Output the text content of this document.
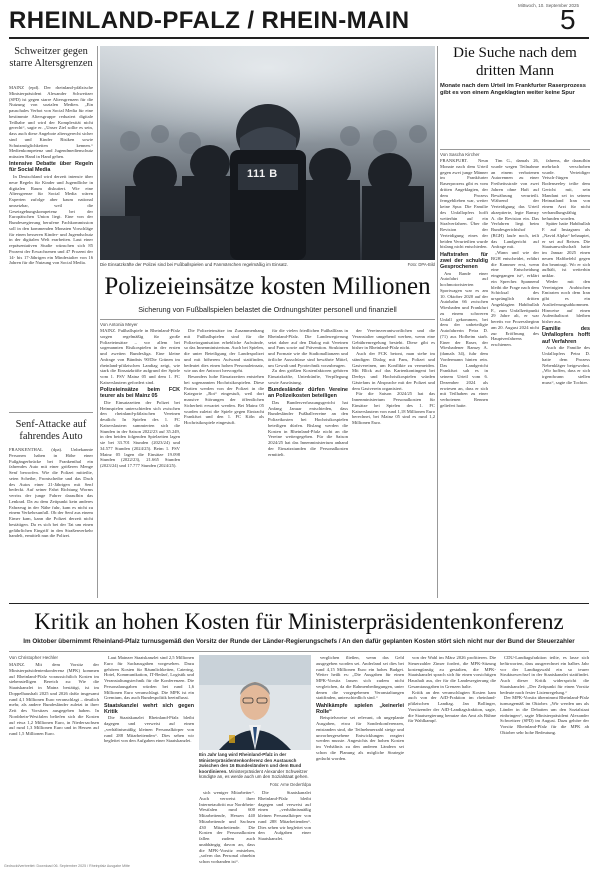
Mittwoch, 10. September 2025
RHEINLAND-PFALZ / RHEIN-MAIN	5
Schweitzer gegen starre Altersgrenzen

MAINZ (epd). Der rheinland-pfälzische Ministerpräsident Alexander Schweitzer (SPD) ist gegen starre Altersgrenzen für die Nutzung von sozialen Medien. „Ein pauschales Verbot von Social Media für eine bestimmte Altersgruppe reduziert digitale Teilhabe und wird der Komplexität nicht gerecht“, sagte er. „Unser Ziel sollte es sein, dass auch diese Angebote altersgerecht sicher sind und Kinder Risiken sowie Schutzmöglichkeiten kennen.“ Medienkompetenz und Jugendmedienschutz müssten Hand in Hand gehen.

Intensive Debatte über Regeln für Social Media

In Deutschland wird derzeit intensiv über neue Regeln für Kinder und Jugendliche in digitalen Raum diskutiert. Wie eine Altersgrenze für Social Media wären Experten zufolge aber kaum national umsetzbar, weil die Gesetzgebungskompetenz bei der Europäischen Union liegt. Eine von der Bundesregierung berufene Fachkommission soll in den kommenden Monaten Vorschläge für einen besseren Kinder- und Jugendschutz in der digitalen Welt erarbeiten. Laut einer repräsentativen Studie wünschen sich 85 Prozent der Erwachsenen und 47 Prozent der 14- bis 17-Jährigen ein Mindestalter von 16 Jahren für die Nutzung von Social Media.

Senf-Attacke auf fahrendes Auto

FRANKENTHAL (dpa). Unbekannte Personen haben in Höhe einer Fußgängerbrücke bei Frankenthal ein fahrendes Auto mit einer größeren Menge Senf beworfen. Wie die Polizei mitteilte, seien Scheibe, Frontscheibe und das Dach des Autos einer 21-Jährigen mit Senf bedeckt. Auf seiner Fahrt Richtung Worms verriss der junge Fahrer daraufhin das Lenkrad. Da zu dem Zeitpunkt kein anderes Fahrzeug in der Nähe fuhr, kam es nicht zu einem Verkehrsunfall. Ob der Senf aus einem Eimer kam, kann die Polizei derzeit nicht bestätigen. Da es sich bei der Tat um einen gefährlichen Eingriff in den Straßenverkehr handelt, ermittelt nun die Polizei.

111 B
Die Einsatzkräfte der Polizei sind bei Fußballspielen und Fanmärschen regelmäßig im Einsatz.	Foto: DPA-Bild
Die Suche nach dem dritten Mann
Monate nach dem Urteil im Frankfurter Raserprozess gibt es von einem Angeklagten weiter keine Spur
Von Sascha Kircher

FRANKFURT. Neun Monate nach dem Urteil gegen zwei junge Männer im Frankfurter Raserprozess gibt es vom dritten Angeklagten, der dem Prozess ferngeblieben war, weiter keine Spur. Die Familie des Unfallopfers hofft weiterhin auf ein Strafverfahren. Über die Revision der Verteidigung eines der beiden Verurteilten wurde bislang nicht entschieden.

Haftstrafen für zwei der schuldig Gesprochenen

Am Rande einer Autofahrt auf hochmotorisierten Sportwagen war es am 10. Oktober 2020 auf der Autobahn 66 zwischen Wiesbaden und Frankfurt zu einem schweren Unfall gekommen, bei dem der unbeteiligte Autofahrerin Petra D. (71) aus Hofheim starb. Einer der Raser, der Wiesbadener Ramzy A. (damals 34), fuhr dem Vordermann hinten rein. Das Landgericht Frankfurt sah es in seinem Urteil vom 6. Dezember 2024 als erwiesen an, dass er sich mit Teilhaben zu einer verbotenen Rennen geliefert hatte.

Tim G., damals 26, wurde wegen Teilnahme an einem verbotenen Autorennen zu einer Freiheitsstrafe von zwei Jahren ohne Haft auf Bewährung verurteilt. Während der Verteidigung das Urteil akzeptierte, legte Ramzy A. die Revision ein. Das Verfahren liegt beim Bundesgerichtshof (BGH) laufe noch, teilt das Landgericht auf Anfrage mit.

„Wann und wie der BGH entscheidet, erfährt die Kammer erst, wenn eine Entscheidung eingegangen ist“, erklärt ein Sprecher. Spannend bleibt die Frage nach dem Schicksal des ursprünglich dritten Angeklagten Habibullah F., zum Unfallzeitpunkt 29 Jahre alt, er war bereits vor Prozessbeginn am 20. August 2024 nicht zur Eröffnung des Hauptverfahrens erschienen.

fahrens, die daraufhin mehrfach verschoben wurde. Verteidiger Vetsch-Jürgen Bodenseeley teilte dem Gericht mit, sein Mandant sei in seinem Heimatland Iran von einem Arzt für nicht verhandlungsfähig befunden worden.

Später hatte Habibullah F. auf Instagram als „Navid Alpha“ behauptet, er sei auf Reisen. Die Staatsanwaltschaft hatte im Januar 2025 einen neuen Haftbefehl gegen ihn beantragt. Wo er sich aufhält, ist weiterhin unklar.

Weder mit den Vereinigten Arabischen Emiraten noch dem Iran gibt es ein Auslieferungsabkommen. Hinweise auf einen Aufenthaltsort bleiben bisher aus.

Familie des Unfallopfers hofft auf Verfahren

Auch die Familie des Unfallopfers Petra D. hatte dem Prozess Nebenkläger beigewohnt. „Wir hoffen, dass er sich irgendwann stellen muss“, sagte die Tochter.

Polizeieinsätze kosten Millionen
Sicherung von Fußballspielen belastet die Ordnungshüter personell und finanziell
Von Antonia Meyer

MAINZ. Fußballspiele in Rheinland-Pfalz sorgen regelmäßig für große Polizeieinsätze – vor allem bei sogenannten Risikospielen in der ersten und zweiten Bundesliga. Eine kleine Anfrage von Bündnis 90/Die Grünen im rheinland-pfälzischen Landtag zeigt, wie stark die Einsatzkräfte aufgrund der Spiele vom 1. FSV Mainz 05 und dem 1. FC Kaiserslautern gefordert sind.

Polizeieinsätze beim FCK teurer als bei Mainz 05

Die Einsatzzeiten der Polizei bei Heimspielen unterschieden sich zwischen den rheinland-pfälzischen Vereinen deutlich: In Spielen des 1. FC Kaiserslautern summierten sich die Stunden in der Saison 2022/23 auf 35.249, in den beiden folgenden Spielzeiten lagen sie bei 33.701 Stunden (2023/24) und 34.577 Stunden (2024/25). Beim 1. FSV Mainz 05 lagen die Einsätze 19.098 Stunden (2022/23), 21.665 Stunden (2023/24) und 17.777 Stunden (2024/25).

Die Polizeieinsätze im Zusammenhang mit Fußballspielen sind für die Polizeiorganisation erhebliche Aufwände, so das Innenministerium. Auch bei Spielen, die unter Beteiligung der Landespolizei und mit höherem Aufwand stattfinden, bedeutet dies einen hohen Personaleinsatz, wie aus der Antwort hervorgeht.

Besonders hohe Einsatzzeiten entstehen bei sogenannten Hochrisikospielen. Diese Partien werden von der Polizei in die Kategorie „Rot“ eingestuft, weil dort massive Störungen der öffentlichen Sicherheit erwartet werden. Bei Mainz 05 wurden zuletzt die Spiele gegen Eintracht Frankfurt und den 1. FC Köln als Hochrisikospiele eingestuft.

für die vielen friedlichen Fußballfans in Rheinland-Pfalz. Die Landesregierung setzt daher auf den Dialog mit Vereinen und Fans sowie auf Prävention. Strukturen und Formate wie die Stadionallianzen und örtliche Ausschüsse sind bewährte Mittel, um Gewalt und Pyrotechnik vorzubeugen.

Zu den größten Kostenfaktoren gehören Einsatzkräfte, Unterkünfte, Verpflegung sowie Ausrüstung.

Bundesländer dürfen Vereine an Polizeikosten beteiligen

Das Bundesverfassungsgericht hat Anfang Januar entschieden, dass Bundesländer Fußballvereine an den Polizeikosten bei Hochrisikospielen beteiligen dürfen. Bislang werden die Kosten in Rheinland-Pfalz nicht an die Vereine weitergegeben. Für die Saison 2024/25 hat das Innenministerium anhand der Einsatzstunden die Personalkosten ermittelt.

der Vereinsverantwortlichen und die Veranstalter umgehend werben, wenn eine Gebührenregelung besteht. Diese gibt es bisher in Rheinland-Pfalz nicht.

Auch der FCK betont, man stehe im ständigen Dialog mit Fans, Polizei und Gastvereinen, um Konflikte zu vermeiden. Mit Blick auf das Kartenkontingent bei Derbys und Hochrisikospielen würden Gästefans in Absprache mit der Polizei und dem Gastverein organisiert.

Für die Saison 2024/25 hat das Innenministerium Personalkosten für Einsätze bei Spielen des 1. FC Kaiserslautern von rund 1,18 Millionen Euro berechnet, bei Mainz 05 sind es rund 1,2 Millionen Euro.

Kritik an hohen Kosten für Ministerpräsidentenkonferenz
Im Oktober übernimmt Rheinland-Pfalz turnusgemäß den Vorsitz der Runde der Länder-Regierungschefs / An den dafür geplanten Kosten stört sich nicht nur der Bund der Steuerzahler
Von Christopher Hechler

MAINZ. Mit dem Vorsitz der Ministerpräsidentenkonferenz (MPK) kommen auf Rheinland-Pfalz voraussichtlich Kosten im siebenstelligen Bereich zu: Wie die Staatskanzlei in Mainz bestätigt, ist im Doppelhaushalt 2025 und 2026 dafür insgesamt rund 4,1 Millionen Euro veranschlagt – deutlich mehr, als andere Bundesländer zuletzt in ihrer Zeit des Vorsitzes ausgegeben haben. In Nordrhein-Westfalen beliefen sich die Kosten auf etwa 1,2 Millionen Euro, in Niedersachsen auf rund 1,3 Millionen Euro und in Hessen auf rund 1,5 Millionen Euro.

Laut Mainzer Staatskanzlei sind 2,5 Millionen Euro für Sachausgaben vorgesehen. Dazu gehören Kosten für Räumlichkeiten, Catering, Hotel, Kommunikation, IT-Bedarf, Logistik und Veranstaltungstechnik für die Konferenzen. Die Personalausgaben würden bei rund 1,6 Millionen Euro veranschlagt. Die MPK ist ein Gremium, das auch Bundespolitik beeinflusst.

Staatskanzlei wehrt sich gegen Kritik

Die Staatskanzlei Rheinland-Pfalz bleibt dagegen und verweist auf einen „verhältnismäßig kleinen Personalkörper von rund 288 Mitarbeitenden“. Dies sehen wir begleitet von den Aufgaben einer Staatskanzlei.

Ein Jahr lang wird Rheinland-Pfalz in der Ministerpräsidentenkonferenz den Austausch zwischen den 16 Bundesländern und dem Bund koordinieren. Ministerpräsident Alexander Schweitzer kündigte an, es werde auch um den Sozialstaat gehen.
Foto: Arne Dedert/dpa

sich weniger Mitarbeiter“. Auch verweist ihrer Internetauftritt nur Nordrhein-Westfalen rund 600 Mitarbeitende, Hessen 440 Mitarbeitende und Sachsen 430 Mitarbeitende. Die Kosten der Personalkosten fallen zudem auch unabhängig davon an, dass die MPK-Vorsitz entstehen, „sofern das Personal ohnehin schon vorhanden ist“.

Die Staatskanzlei Rheinland-Pfalz bleibt dagegen und verweist auf einen „verhältnismäßig kleinen Personalkörper von rund 288 Mitarbeitenden“. Dies sehen wir begleitet von den Aufgaben einer Staatskanzlei.

verglichen fließen, wenn das Geld ausgegeben worden sei. Anderland sei dies bei rund 4,15 Millionen Euro ein hohes Budget. Weiter heißt es: „Die Ausgaben für einen MPK-Vorsitz lassen sich zudem nicht vergleichen, da die Rahmenbedingungen, unter denen die vorgegebenen Veranstaltungen stattfinden, unterschiedlich sind.“

Wahlkämpfe spielen „keinerlei Rolle“

Beispielsweise sei relevant, ob ungeplante Ausgaben, etwa für Sonderkonferenzen, entstanden sind, die Teilnehmerzahl steige und unvorhergesehene Entwicklungen reagiert werden musste. Angesichts der hohen Kosten im Verhältnis zu den anderen Ländern sei schon die Planung als mögliche Strategie gedacht worden.

von der Wahl im März 2026 profitieren. Die Steuerzahler Zinser fordert, die MPK-Sitzung kostengünstig zu gestalten, die MPK-Staatskanzlei sprach sich für einen vorsichtigen Haushalt aus, der für die Landesregierung die Gesamtausgaben in Grenzen halte.

Kritik an den veranschlagten Kosten kam auch von der AfD-Fraktion im rheinland-pfälzischen Landtag. Jan Bollinger, Vorsitzender der AfD-Landtagsfraktion, sagte, die Staatsregierung benutze das Amt als Bühne für Wahlkampf.

CDU-Landtagsfraktion teilte, es lasse sich befürworten, dass ausgerechnet ein halbes Jahr vor der Landtagswahl ein so teurer Strukturwechsel in der Staatskanzlei stattfindet. Auch dieser Kritik widerspricht die Staatskanzlei: „Der Zeitpunkt für einen Vorsitz bedeute nach fester Listenregelung.“

Der MPK-Vorsitz übernimmt Rheinland-Pfalz turnusgemäß im Oktober. „Wir werden uns als Länder in die Debatten um den Sozialstaat einbringen“, sagte Ministerpräsident Alexander Schweitzer (SPD) im August. Dazu gehöre der Vorsitz Rheinland-Pfalz für die MPK ab Oktober sehr hohe Bedeutung.

Gedruckt/verbreitet: Download 06. September 2025 / Rheinpfalz Ausgabe Mitte
